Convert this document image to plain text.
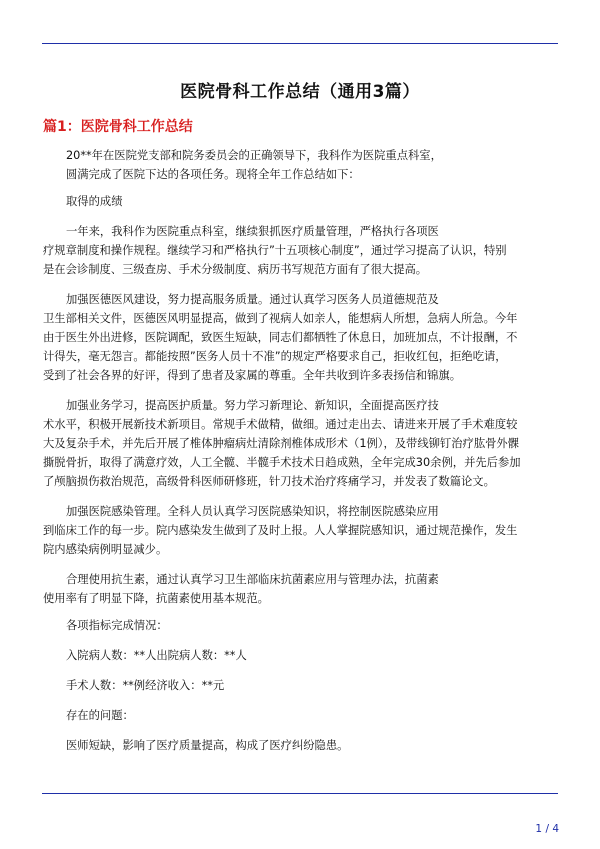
医院骨科工作总结（通用3篇）
篇1：医院骨科工作总结
20**年在医院党支部和院务委员会的正确领导下，我科作为医院重点科室，
圆满完成了医院下达的各项任务。现将全年工作总结如下：
取得的成绩
一年来，我科作为医院重点科室，继续狠抓医疗质量管理，严格执行各项医
疗规章制度和操作规程。继续学习和严格执行”十五项核心制度”，通过学习提高了认识，特别
是在会诊制度、三级查房、手术分级制度、病历书写规范方面有了很大提高。
加强医德医风建设，努力提高服务质量。通过认真学习医务人员道德规范及
卫生部相关文件，医德医风明显提高，做到了视病人如亲人，能想病人所想，急病人所急。今年
由于医生外出进修，医院调配，致医生短缺，同志们都牺牲了休息日，加班加点，不计报酬，不
计得失，毫无怨言。都能按照”医务人员十不准”的规定严格要求自己，拒收红包，拒绝吃请，
受到了社会各界的好评，得到了患者及家属的尊重。全年共收到许多表扬信和锦旗。
加强业务学习，提高医护质量。努力学习新理论、新知识，全面提高医疗技
术水平，积极开展新技术新项目。常规手术做精，做细。通过走出去、请进来开展了手术难度较
大及复杂手术，并先后开展了椎体肿瘤病灶清除剂椎体成形术（1例），及带线铆钉治疗肱骨外髁
撕脱骨折，取得了满意疗效，人工全髋、半髋手术技术日趋成熟，全年完成30余例，并先后参加
了颅脑损伤救治规范，高级骨科医师研修班，针刀技术治疗疼痛学习，并发表了数篇论文。
加强医院感染管理。全科人员认真学习医院感染知识，将控制医院感染应用
到临床工作的每一步。院内感染发生做到了及时上报。人人掌握院感知识，通过规范操作，发生
院内感染病例明显减少。
合理使用抗生素，通过认真学习卫生部临床抗菌素应用与管理办法，抗菌素
使用率有了明显下降，抗菌素使用基本规范。
各项指标完成情况：
入院病人数：**人出院病人数：**人
手术人数：**例经济收入：**元
存在的问题：
医师短缺，影响了医疗质量提高，构成了医疗纠纷隐患。
1 / 4
